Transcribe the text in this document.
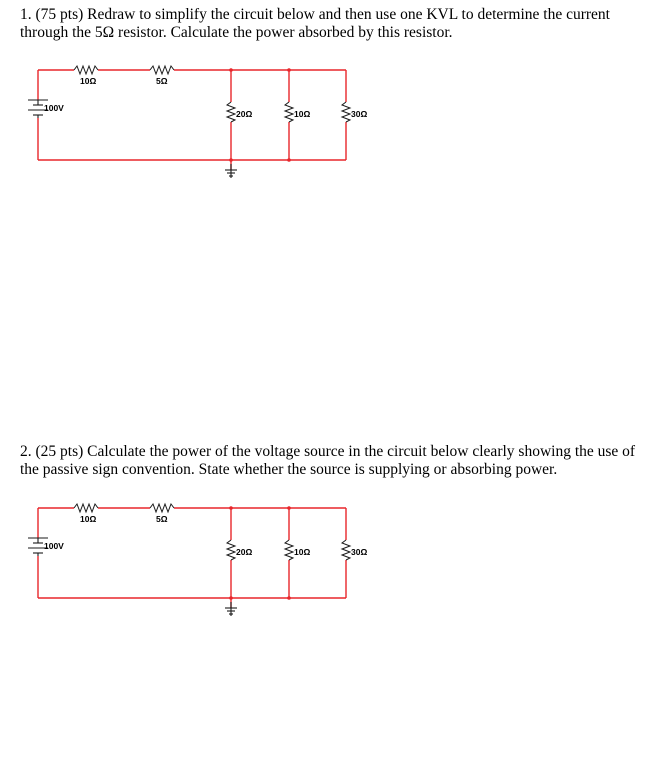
1. (75 pts) Redraw to simplify the circuit below and then use one KVL to determine the current through the 5Ω resistor. Calculate the power absorbed by this resistor.

100V
10Ω	5Ω
20Ω	10Ω	30Ω

2. (25 pts) Calculate the power of the voltage source in the circuit below clearly showing the use of the passive sign convention. State whether the source is supplying or absorbing power.

100V
10Ω	5Ω
20Ω	10Ω	30Ω
